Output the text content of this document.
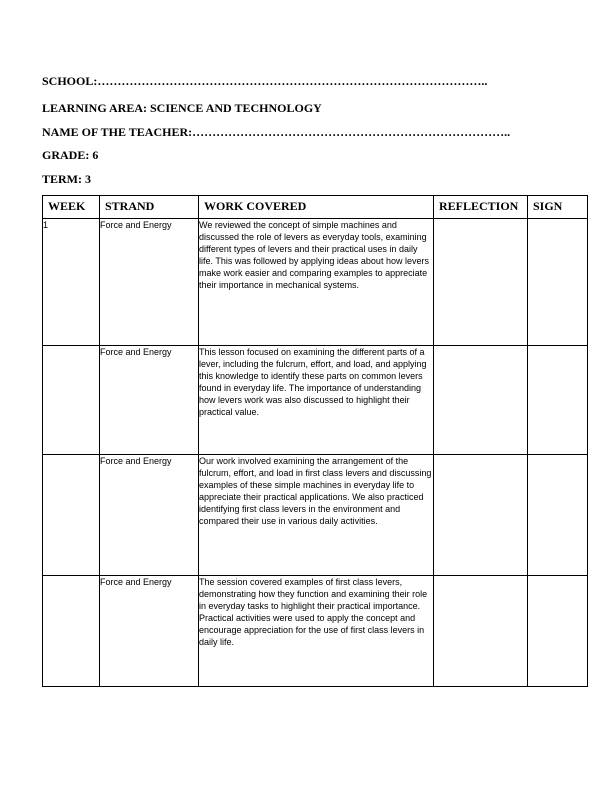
SCHOOL:……………………………………………………………………………………..
LEARNING AREA: SCIENCE AND TECHNOLOGY
NAME OF THE TEACHER:……………………………………………………………………..
GRADE: 6
TERM: 3
WEEK	STRAND	WORK COVERED	REFLECTION	SIGN
1	Force and Energy	We reviewed the concept of simple machines and discussed the role of levers as everyday tools, examining different types of levers and their practical uses in daily life. This was followed by applying ideas about how levers make work easier and comparing examples to appreciate their importance in mechanical systems.		

	Force and Energy	This lesson focused on examining the different parts of a lever, including the fulcrum, effort, and load, and applying this knowledge to identify these parts on common levers found in everyday life. The importance of understanding how levers work was also discussed to highlight their practical value.		

	Force and Energy	Our work involved examining the arrangement of the fulcrum, effort, and load in first class levers and discussing examples of these simple machines in everyday life to appreciate their practical applications. We also practiced identifying first class levers in the environment and compared their use in various daily activities.		

	Force and Energy	The session covered examples of first class levers, demonstrating how they function and examining their role in everyday tasks to highlight their practical importance. Practical activities were used to apply the concept and encourage appreciation for the use of first class levers in daily life.		
